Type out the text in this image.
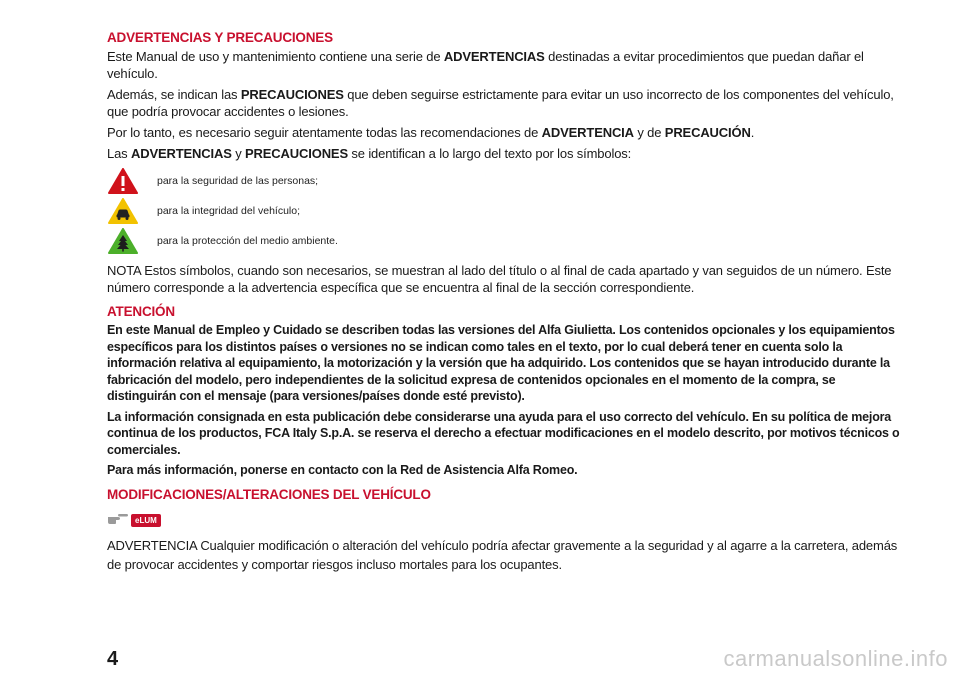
ADVERTENCIAS Y PRECAUCIONES

Este Manual de uso y mantenimiento contiene una serie de ADVERTENCIAS destinadas a evitar procedimientos que puedan dañar el vehículo.

Además, se indican las PRECAUCIONES que deben seguirse estrictamente para evitar un uso incorrecto de los componentes del vehículo, que podría provocar accidentes o lesiones.

Por lo tanto, es necesario seguir atentamente todas las recomendaciones de ADVERTENCIA y de PRECAUCIÓN.

Las ADVERTENCIAS y PRECAUCIONES se identifican a lo largo del texto por los símbolos:

para la seguridad de las personas;
para la integridad del vehículo;
para la protección del medio ambiente.

NOTA Estos símbolos, cuando son necesarios, se muestran al lado del título o al final de cada apartado y van seguidos de un número. Este número corresponde a la advertencia específica que se encuentra al final de la sección correspondiente.

ATENCIÓN

En este Manual de Empleo y Cuidado se describen todas las versiones del Alfa Giulietta. Los contenidos opcionales y los equipamientos específicos para los distintos países o versiones no se indican como tales en el texto, por lo cual deberá tener en cuenta solo la información relativa al equipamiento, la motorización y la versión que ha adquirido. Los contenidos que se hayan introducido durante la fabricación del modelo, pero independientes de la solicitud expresa de contenidos opcionales en el momento de la compra, se distinguirán con el mensaje (para versiones/países donde esté previsto).

La información consignada en esta publicación debe considerarse una ayuda para el uso correcto del vehículo. En su política de mejora continua de los productos, FCA Italy S.p.A. se reserva el derecho a efectuar modificaciones en el modelo descrito, por motivos técnicos o comerciales.

Para más información, ponerse en contacto con la Red de Asistencia Alfa Romeo.

MODIFICACIONES/ALTERACIONES DEL VEHÍCULO
eLUM

ADVERTENCIA Cualquier modificación o alteración del vehículo podría afectar gravemente a la seguridad y al agarre a la carretera, además de provocar accidentes y comportar riesgos incluso mortales para los ocupantes.

4	carmanualsonline.info
